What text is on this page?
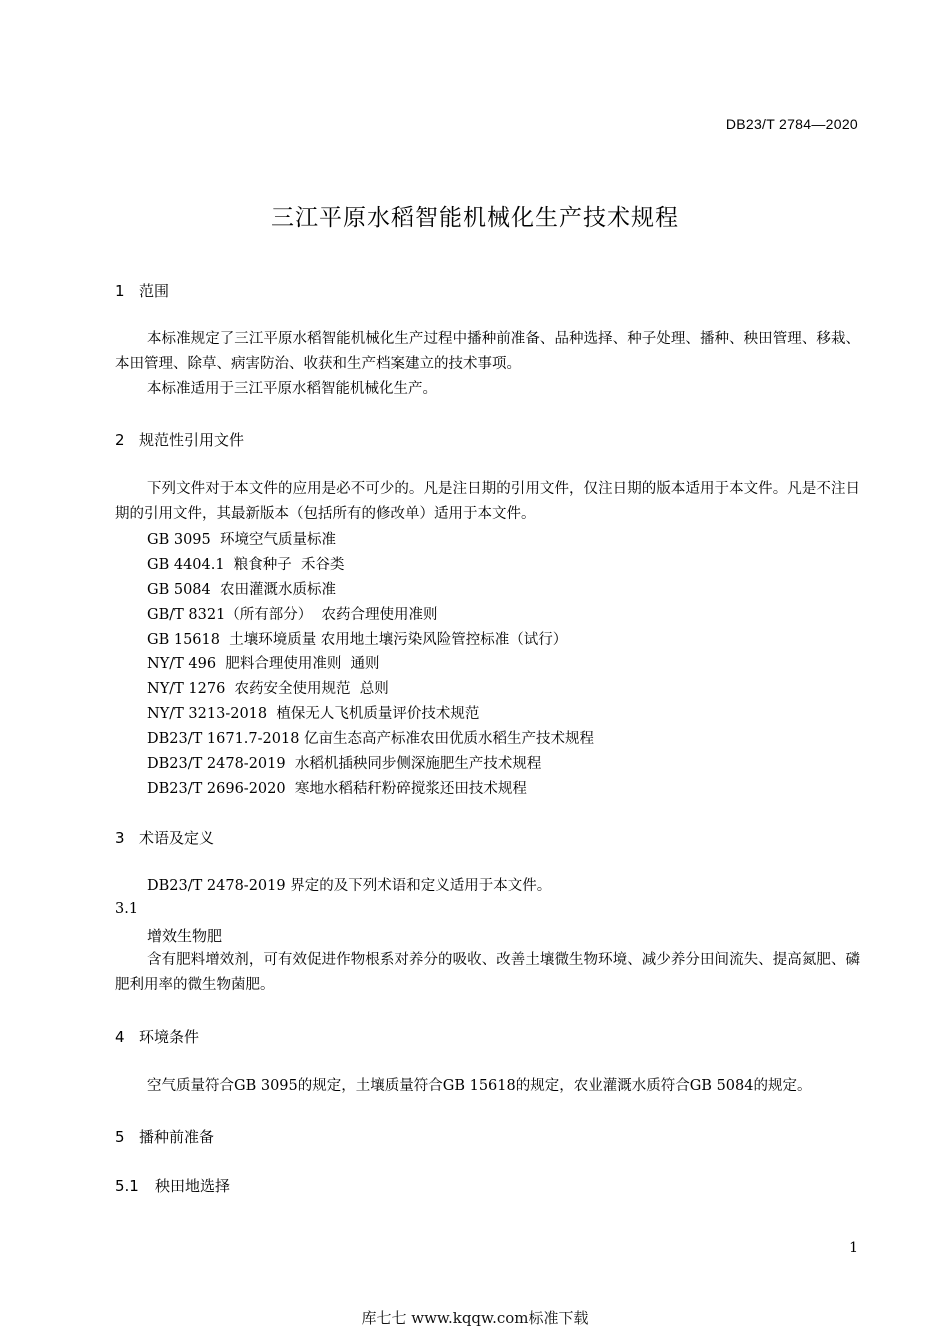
DB23/T 2784—2020
三江平原水稻智能机械化生产技术规程
1 范围
本标准规定了三江平原水稻智能机械化生产过程中播种前准备、品种选择、种子处理、播种、秧田管理、移栽、本田管理、除草、病害防治、收获和生产档案建立的技术事项。
本标准适用于三江平原水稻智能机械化生产。
2 规范性引用文件
下列文件对于本文件的应用是必不可少的。凡是注日期的引用文件，仅注日期的版本适用于本文件。凡是不注日期的引用文件，其最新版本（包括所有的修改单）适用于本文件。
GB 3095  环境空气质量标准
GB 4404.1  粮食种子  禾谷类
GB 5084  农田灌溉水质标准
GB/T 8321（所有部分）  农药合理使用准则
GB 15618  土壤环境质量 农用地土壤污染风险管控标准（试行）
NY/T 496  肥料合理使用准则  通则
NY/T 1276  农药安全使用规范  总则
NY/T 3213-2018  植保无人飞机质量评价技术规范
DB23/T 1671.7-2018 亿亩生态高产标准农田优质水稻生产技术规程
DB23/T 2478-2019  水稻机插秧同步侧深施肥生产技术规程
DB23/T 2696-2020  寒地水稻秸秆粉碎搅浆还田技术规程
3 术语及定义
DB23/T 2478-2019 界定的及下列术语和定义适用于本文件。
3.1
增效生物肥
含有肥料增效剂，可有效促进作物根系对养分的吸收、改善土壤微生物环境、减少养分田间流失、提高氮肥、磷肥利用率的微生物菌肥。
4 环境条件
空气质量符合GB 3095的规定，土壤质量符合GB 15618的规定，农业灌溉水质符合GB 5084的规定。
5 播种前准备
5.1 秧田地选择
1
库七七 www.kqqw.com标准下载
